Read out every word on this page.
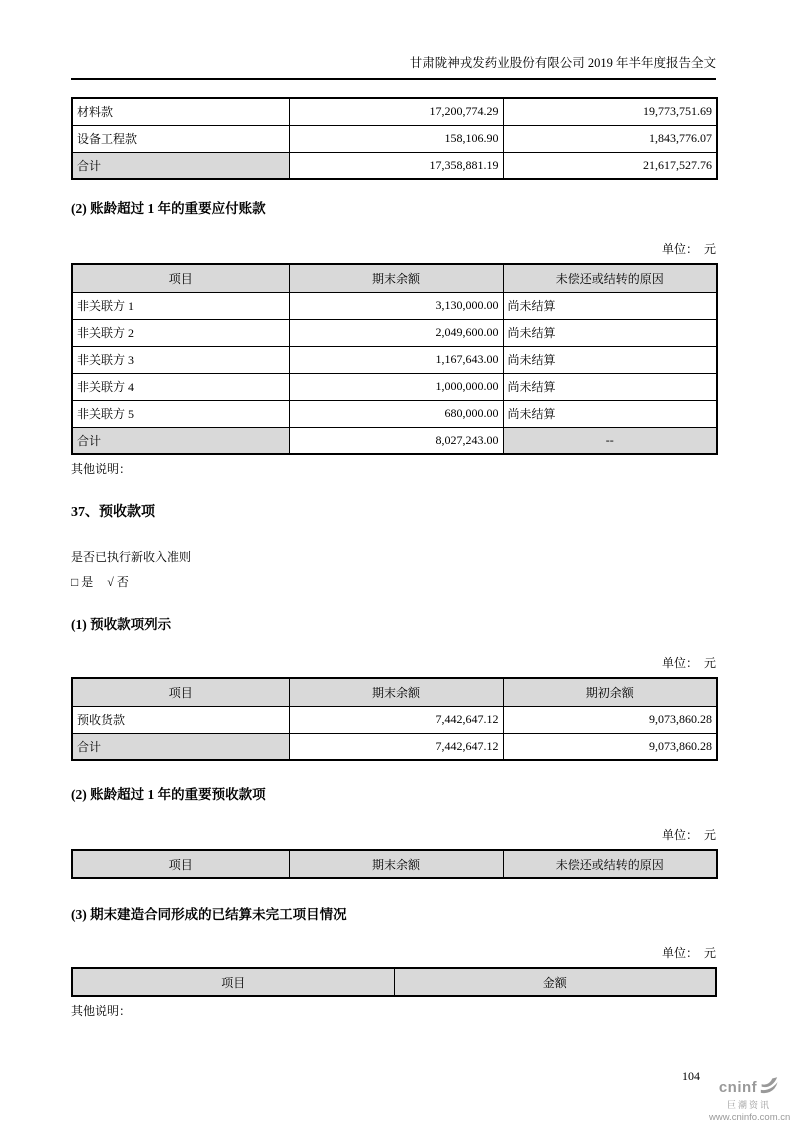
甘肃陇神戎发药业股份有限公司 2019 年半年度报告全文
材料款	17,200,774.29	19,773,751.69
设备工程款	158,106.90	1,843,776.07
合计	17,358,881.19	21,617,527.76
(2) 账龄超过 1 年的重要应付账款
单位：　元
项目	期末余额	未偿还或结转的原因
非关联方 1	3,130,000.00	尚未结算
非关联方 2	2,049,600.00	尚未结算
非关联方 3	1,167,643.00	尚未结算
非关联方 4	1,000,000.00	尚未结算
非关联方 5	680,000.00	尚未结算
合计	8,027,243.00	--
其他说明：
37、预收款项
是否已执行新收入准则
□ 是 √ 否
(1) 预收款项列示
单位：　元
项目	期末余额	期初余额
预收货款	7,442,647.12	9,073,860.28
合计	7,442,647.12	9,073,860.28
(2) 账龄超过 1 年的重要预收款项
单位：　元
项目	期末余额	未偿还或结转的原因
(3) 期末建造合同形成的已结算未完工项目情况
单位：　元
项目	金额
其他说明：
104
cninf
巨潮资讯
www.cninfo.com.cn
